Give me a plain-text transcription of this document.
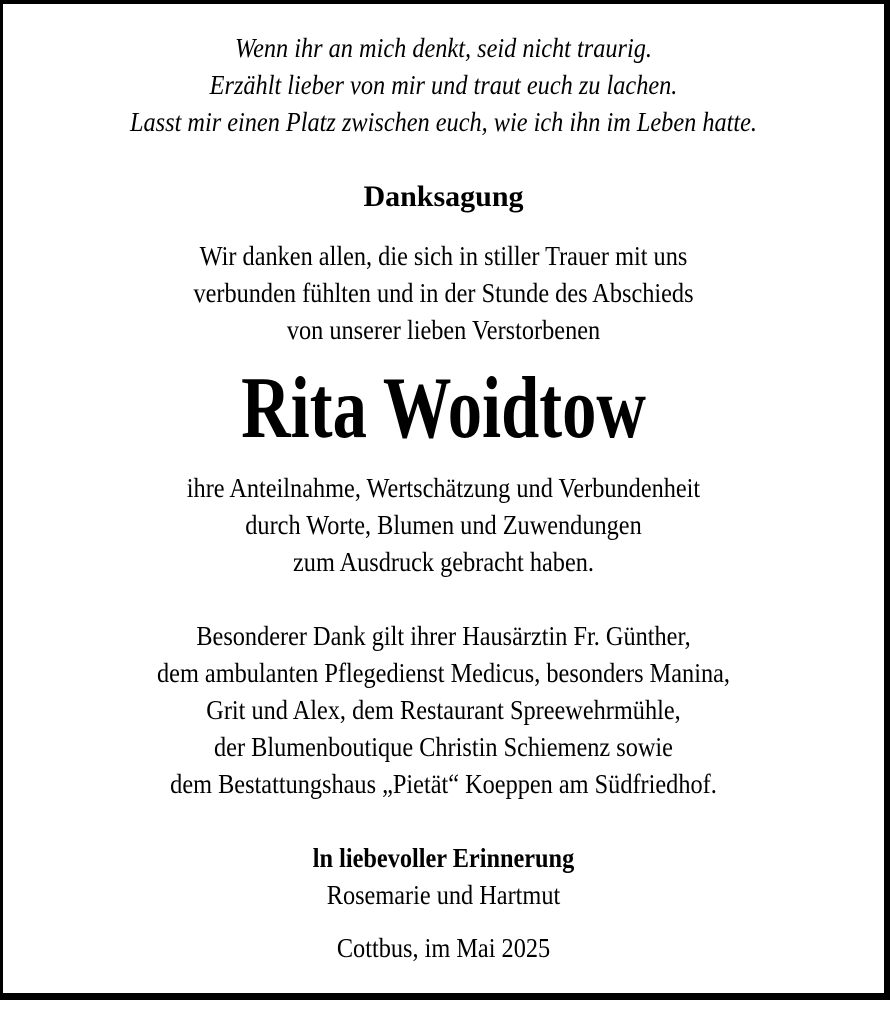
Wenn ihr an mich denkt, seid nicht traurig.
Erzählt lieber von mir und traut euch zu lachen.
Lasst mir einen Platz zwischen euch, wie ich ihn im Leben hatte.
Danksagung
Wir danken allen, die sich in stiller Trauer mit uns
verbunden fühlten und in der Stunde des Abschieds
von unserer lieben Verstorbenen
Rita Woidtow
ihre Anteilnahme, Wertschätzung und Verbundenheit
durch Worte, Blumen und Zuwendungen
zum Ausdruck gebracht haben.
Besonderer Dank gilt ihrer Hausärztin Fr. Günther,
dem ambulanten Pflegedienst Medicus, besonders Manina,
Grit und Alex, dem Restaurant Spreewehrmühle,
der Blumenboutique Christin Schiemenz sowie
dem Bestattungshaus „Pietät“ Koeppen am Südfriedhof.
ln liebevoller Erinnerung
Rosemarie und Hartmut
Cottbus, im Mai 2025
